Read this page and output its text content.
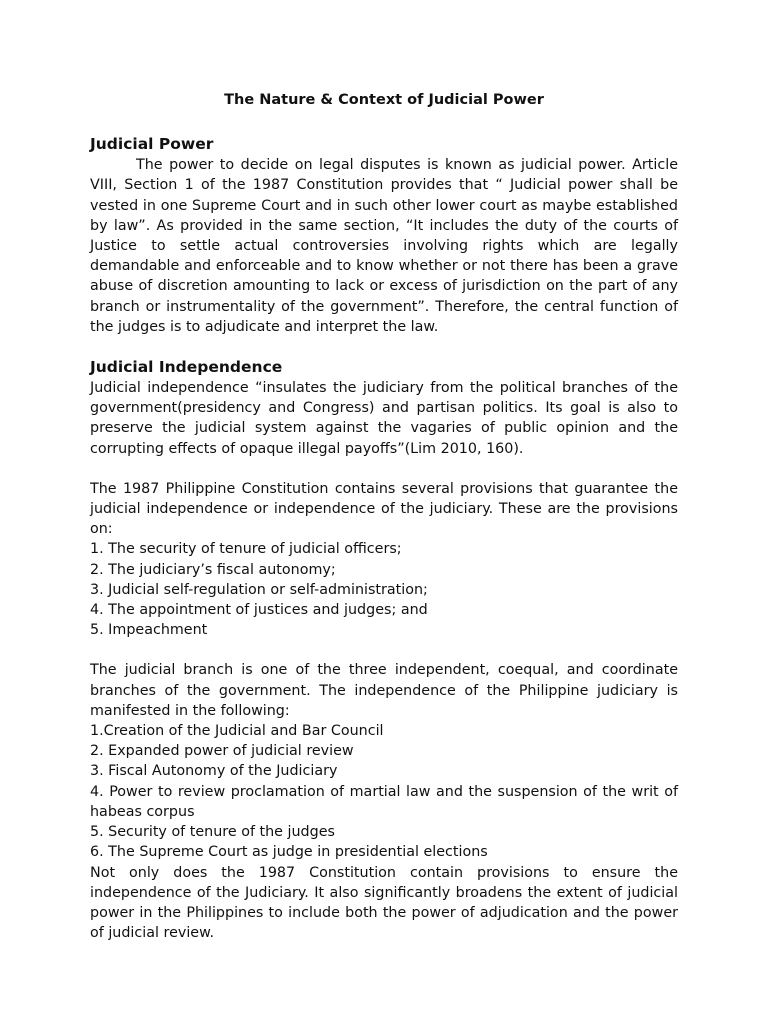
The Nature & Context of Judicial Power
Judicial Power

The power to decide on legal disputes is known as judicial power. Article VIII, Section 1 of the 1987 Constitution provides that “ Judicial power shall be vested in one Supreme Court and in such other lower court as maybe established by law”. As provided in the same section, “It includes the duty of the courts of Justice to settle actual controversies involving rights which are legally demandable and enforceable and to know whether or not there has been a grave abuse of discretion amounting to lack or excess of jurisdiction on the part of any branch or instrumentality of the government”. Therefore, the central function of the judges is to adjudicate and interpret the law.

Judicial Independence

Judicial independence “insulates the judiciary from the political branches of the government(presidency and Congress) and partisan politics. Its goal is also to preserve the judicial system against the vagaries of public opinion and the corrupting effects of opaque illegal payoffs”(Lim 2010, 160).

The 1987 Philippine Constitution contains several provisions that guarantee the judicial independence or independence of the judiciary. These are the provisions on:

1. The security of tenure of judicial officers;
2. The judiciary’s fiscal autonomy;
3. Judicial self-regulation or self-administration;
4. The appointment of justices and judges; and
5. Impeachment

The judicial branch is one of the three independent, coequal, and coordinate branches of the government. The independence of the Philippine judiciary is manifested in the following:

1.Creation of the Judicial and Bar Council
2. Expanded power of judicial review
3. Fiscal Autonomy of the Judiciary
4. Power to review proclamation of martial law and the suspension of the writ of habeas corpus
5. Security of tenure of the judges
6. The Supreme Court as judge in presidential elections

Not only does the 1987 Constitution contain provisions to ensure the independence of the Judiciary. It also significantly broadens the extent of judicial power in the Philippines to include both the power of adjudication and the power of judicial review.
